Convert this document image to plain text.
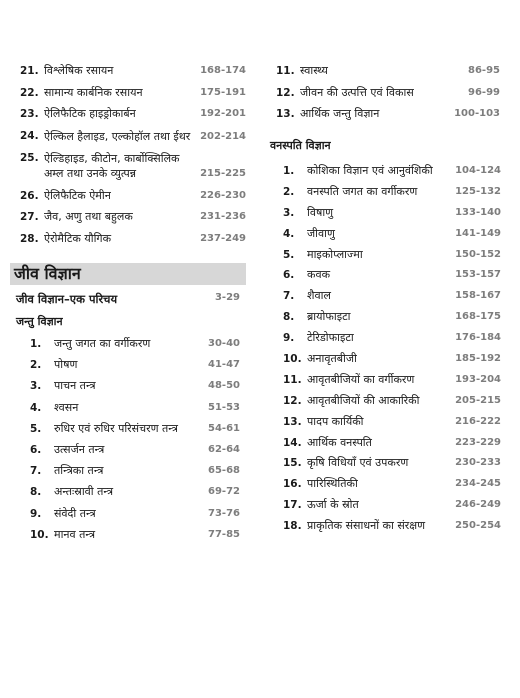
21. विश्लेषिक रसायन	168-174
22. सामान्य कार्बनिक रसायन	175-191
23. ऐलिफैटिक हाइड्रोकार्बन	192-201
24. ऐल्किल हैलाइड, एल्कोहॉल तथा ईथर 202-214
25. ऐल्डिहाइड, कीटोन, कार्बोक्सिलिक अम्ल तथा उनके व्युत्पन्न	215-225
26. ऐलिफैटिक ऐमीन	226-230
27. जैव, अणु तथा बहुलक	231-236
28. ऐरोमैटिक यौगिक	237-249
जीव विज्ञान
जीव विज्ञान–एक परिचय	3-29
जन्तु विज्ञान
1.	जन्तु जगत का वर्गीकरण	30-40
2.	पोषण	41-47
3.	पाचन तन्त्र	48-50
4.	श्वसन	51-53
5.	रुधिर एवं रुधिर परिसंचरण तन्त्र	54-61
6.	उत्सर्जन तन्त्र	62-64
7.	तन्त्रिका तन्त्र	65-68
8.	अन्तःस्रावी तन्त्र	69-72
9.	संवेदी तन्त्र	73-76
10. मानव तन्त्र	77-85
11. स्वास्थ्य	86-95
12. जीवन की उत्पत्ति एवं विकास	96-99
13. आर्थिक जन्तु विज्ञान	100-103
वनस्पति विज्ञान
1.	कोशिका विज्ञान एवं आनुवंशिकी	104-124
2.	वनस्पति जगत का वर्गीकरण	125-132
3.	विषाणु	133-140
4.	जीवाणु	141-149
5.	माइकोप्लाज्मा	150-152
6.	कवक	153-157
7.	शैवाल	158-167
8.	ब्रायोफाइटा	168-175
9.	टेरिडोफाइटा	176-184
10. अनावृतबीजी	185-192
11. आवृतबीजियों का वर्गीकरण	193-204
12. आवृतबीजियों की आकारिकी	205-215
13. पादप कार्यिकी	216-222
14. आर्थिक वनस्पति	223-229
15. कृषि विधियाँ एवं उपकरण	230-233
16. पारिस्थितिकी	234-245
17. ऊर्जा के स्रोत	246-249
18. प्राकृतिक संसाधनों का संरक्षण	250-254
